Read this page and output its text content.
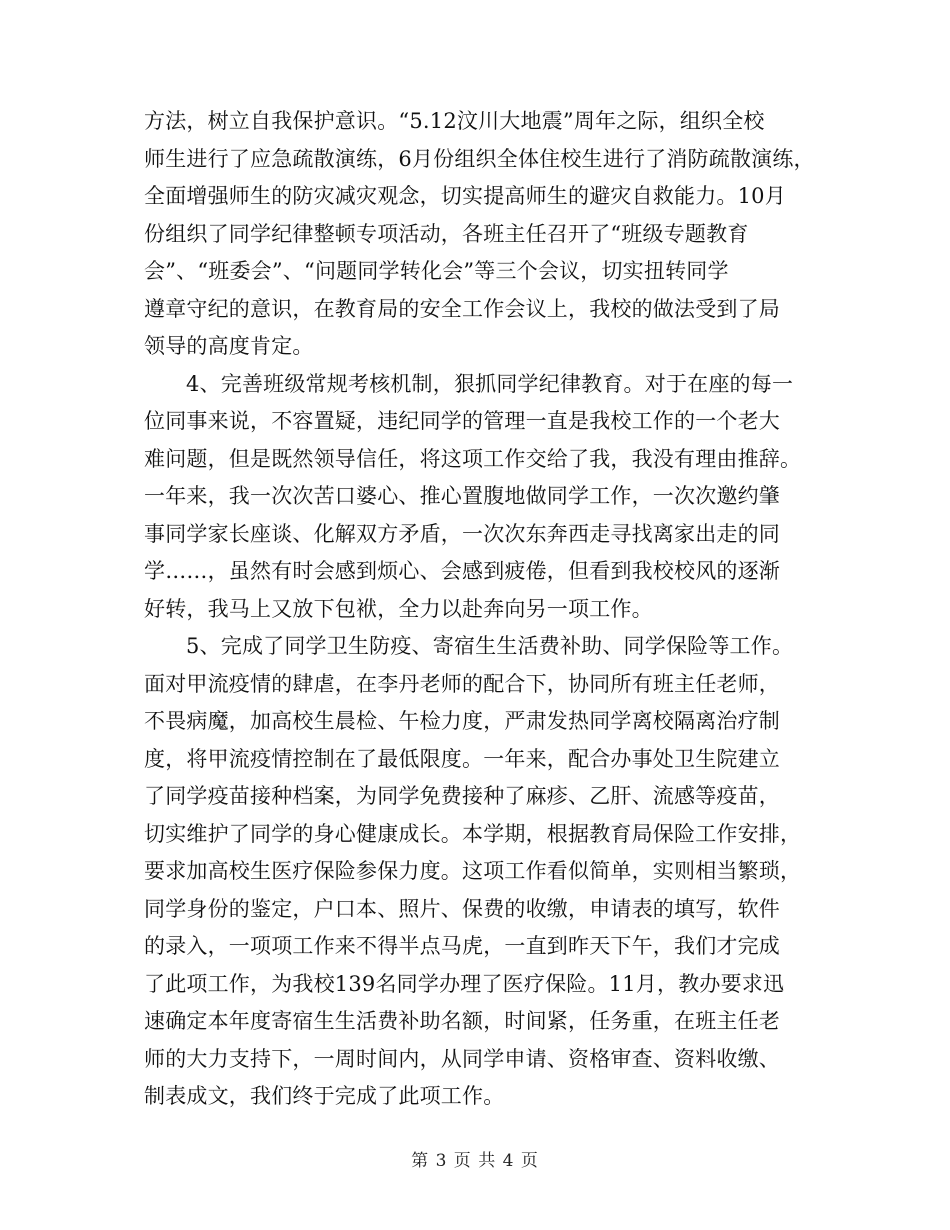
方法，树立自我保护意识。“5.12汶川大地震”周年之际，组织全校
师生进行了应急疏散演练，6月份组织全体住校生进行了消防疏散演练，
全面增强师生的防灾减灾观念，切实提高师生的避灾自救能力。10月
份组织了同学纪律整顿专项活动，各班主任召开了“班级专题教育
会”、“班委会”、“问题同学转化会”等三个会议，切实扭转同学
遵章守纪的意识，在教育局的安全工作会议上，我校的做法受到了局
领导的高度肯定。
4、完善班级常规考核机制，狠抓同学纪律教育。对于在座的每一
位同事来说，不容置疑，违纪同学的管理一直是我校工作的一个老大
难问题，但是既然领导信任，将这项工作交给了我，我没有理由推辞。
一年来，我一次次苦口婆心、推心置腹地做同学工作，一次次邀约肇
事同学家长座谈、化解双方矛盾，一次次东奔西走寻找离家出走的同
学……，虽然有时会感到烦心、会感到疲倦，但看到我校校风的逐渐
好转，我马上又放下包袱，全力以赴奔向另一项工作。
5、完成了同学卫生防疫、寄宿生生活费补助、同学保险等工作。
面对甲流疫情的肆虐，在李丹老师的配合下，协同所有班主任老师，
不畏病魔，加高校生晨检、午检力度，严肃发热同学离校隔离治疗制
度，将甲流疫情控制在了最低限度。一年来，配合办事处卫生院建立
了同学疫苗接种档案，为同学免费接种了麻疹、乙肝、流感等疫苗，
切实维护了同学的身心健康成长。本学期，根据教育局保险工作安排，
要求加高校生医疗保险参保力度。这项工作看似简单，实则相当繁琐，
同学身份的鉴定，户口本、照片、保费的收缴，申请表的填写，软件
的录入，一项项工作来不得半点马虎，一直到昨天下午，我们才完成
了此项工作，为我校139名同学办理了医疗保险。11月，教办要求迅
速确定本年度寄宿生生活费补助名额，时间紧，任务重，在班主任老
师的大力支持下，一周时间内，从同学申请、资格审查、资料收缴、
制表成文，我们终于完成了此项工作。
第 3 页 共 4 页
